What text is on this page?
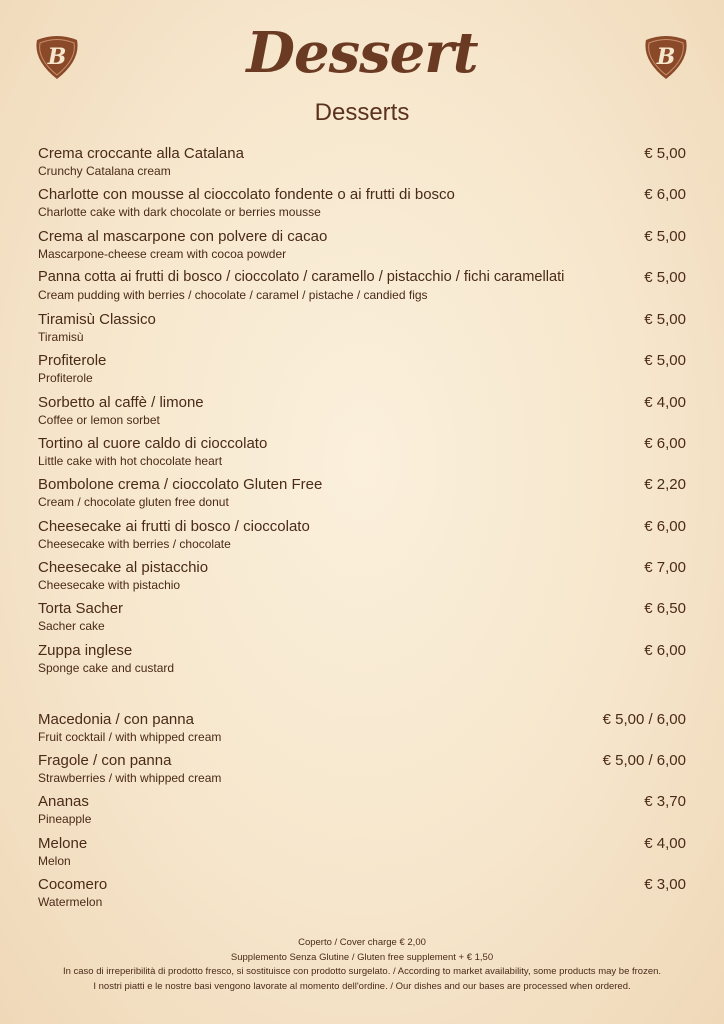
B	Dessert	B
Desserts
Crema croccante alla Catalana
Crunchy Catalana cream
€ 5,00
Charlotte con mousse al cioccolato fondente o ai frutti di bosco
Charlotte cake with dark chocolate or berries mousse
€ 6,00
Crema al mascarpone con polvere di cacao
Mascarpone-cheese cream with cocoa powder
€ 5,00
Panna cotta ai frutti di bosco / cioccolato / caramello / pistacchio / fichi caramellati
Cream pudding with berries / chocolate / caramel / pistache / candied figs
€ 5,00
Tiramisù Classico
Tiramisù
€ 5,00
Profiterole
Profiterole
€ 5,00
Sorbetto al caffè / limone
Coffee or lemon sorbet
€ 4,00
Tortino al cuore caldo di cioccolato
Little cake with hot chocolate heart
€ 6,00
Bombolone crema / cioccolato Gluten Free
Cream / chocolate gluten free donut
€ 2,20
Cheesecake ai frutti di bosco / cioccolato
Cheesecake with berries / chocolate
€ 6,00
Cheesecake al pistacchio
Cheesecake with pistachio
€ 7,00
Torta Sacher
Sacher cake
€ 6,50
Zuppa inglese
Sponge cake and custard
€ 6,00
Macedonia / con panna
Fruit cocktail / with whipped cream
€ 5,00 / 6,00
Fragole / con panna
Strawberries / with whipped cream
€ 5,00 / 6,00
Ananas
Pineapple
€ 3,70
Melone
Melon
€ 4,00
Cocomero
Watermelon
€ 3,00
Coperto / Cover charge € 2,00
Supplemento Senza Glutine / Gluten free supplement + € 1,50
In caso di irreperibilità di prodotto fresco, si sostituisce con prodotto surgelato. / According to market availability, some products may be frozen.
I nostri piatti e le nostre basi vengono lavorate al momento dell'ordine. / Our dishes and our bases are processed when ordered.
